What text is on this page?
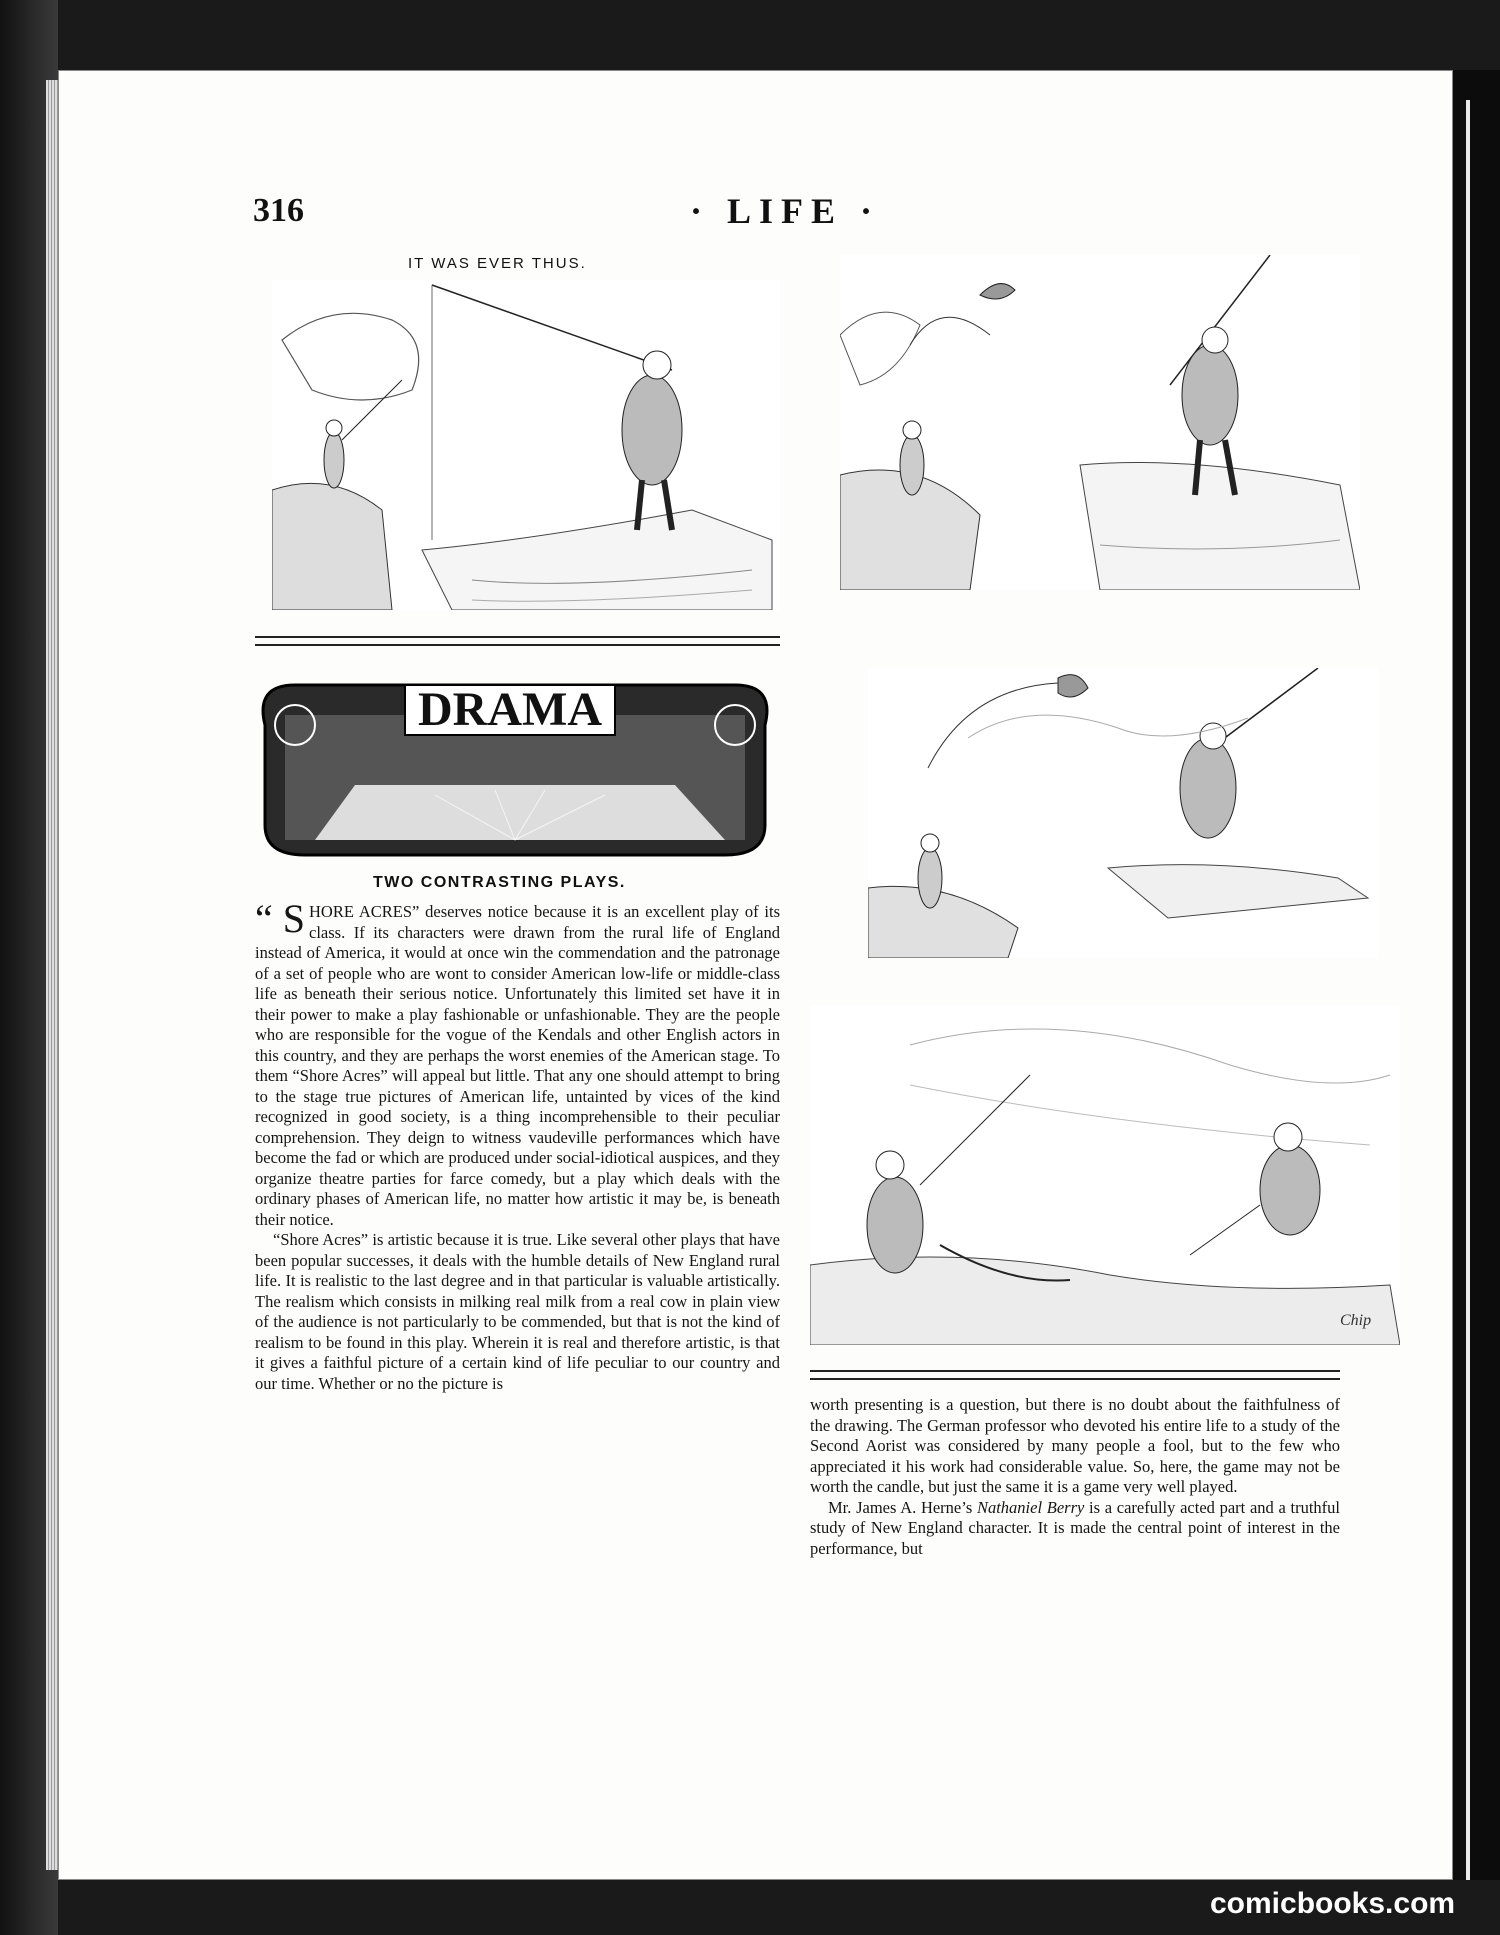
316	· LIFE ·
IT WAS EVER THUS.
DRAMA
TWO CONTRASTING PLAYS.

“ S HORE ACRES” deserves notice because it is an excellent play of its class. If its characters were drawn from the rural life of England instead of America, it would at once win the commendation and the patronage of a set of people who are wont to consider American low-life or middle-class life as beneath their serious notice. Unfortunately this limited set have it in their power to make a play fashionable or unfashionable. They are the people who are responsible for the vogue of the Kendals and other English actors in this country, and they are perhaps the worst enemies of the American stage. To them “Shore Acres” will appeal but little. That any one should attempt to bring to the stage true pictures of American life, untainted by vices of the kind recognized in good society, is a thing incomprehensible to their peculiar comprehension. They deign to witness vaudeville performances which have become the fad or which are produced under social-idiotical auspices, and they organize theatre parties for farce comedy, but a play which deals with the ordinary phases of American life, no matter how artistic it may be, is beneath their notice.

“Shore Acres” is artistic because it is true. Like several other plays that have been popular successes, it deals with the humble details of New England rural life. It is realistic to the last degree and in that particular is valuable artistically. The realism which consists in milking real milk from a real cow in plain view of the audience is not particularly to be commended, but that is not the kind of realism to be found in this play. Wherein it is real and therefore artistic, is that it gives a faithful picture of a certain kind of life peculiar to our country and our time. Whether or no the picture is

Chip

worth presenting is a question, but there is no doubt about the faithfulness of the drawing. The German professor who devoted his entire life to a study of the Second Aorist was considered by many people a fool, but to the few who appreciated it his work had considerable value. So, here, the game may not be worth the candle, but just the same it is a game very well played.

Mr. James A. Herne’s Nathaniel Berry is a carefully acted part and a truthful study of New England character. It is made the central point of interest in the performance, but

comicbooks.com
